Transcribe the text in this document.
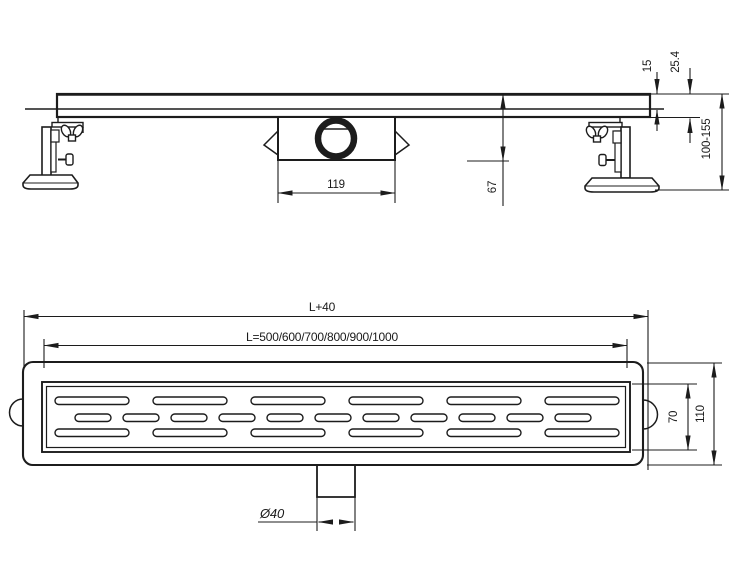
15 25.4
100-155
67
119
L+40
L=500/600/700/800/900/1000
70 110
Ø40
